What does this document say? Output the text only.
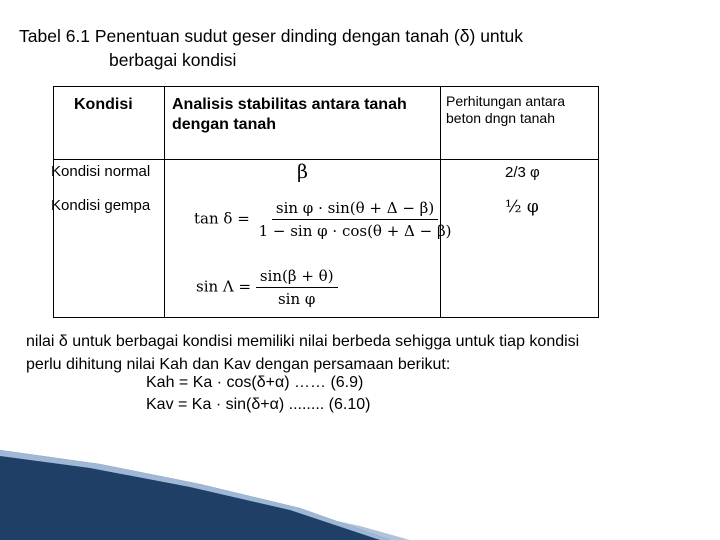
Tabel 6.1 Penentuan sudut geser dinding dengan tanah (δ) untuk
berbagai kondisi
Kondisi Analisis stabilitas antara tanah
dengan tanah
Perhitungan antara
beton dngn tanah
Kondisi normal	β	2/3 φ
Kondisi gempa
$\tan \delta = \frac{\text{sin φ · sin(θ + Δ − β)}}{\text{1 − sin φ · cos(θ + Δ − β)}}$
$\sin \Lambda = \frac{\sin(\beta + \theta)}{\text{sin φ}}$
½ φ
nilai δ untuk berbagai kondisi memiliki nilai berbeda sehigga untuk tiap kondisi
perlu dihitung nilai Kah dan Kav dengan persamaan berikut:
Kah = Ka · cos(δ+α) …… (6.9)
Kav = Ka · sin(δ+α) ........ (6.10)
